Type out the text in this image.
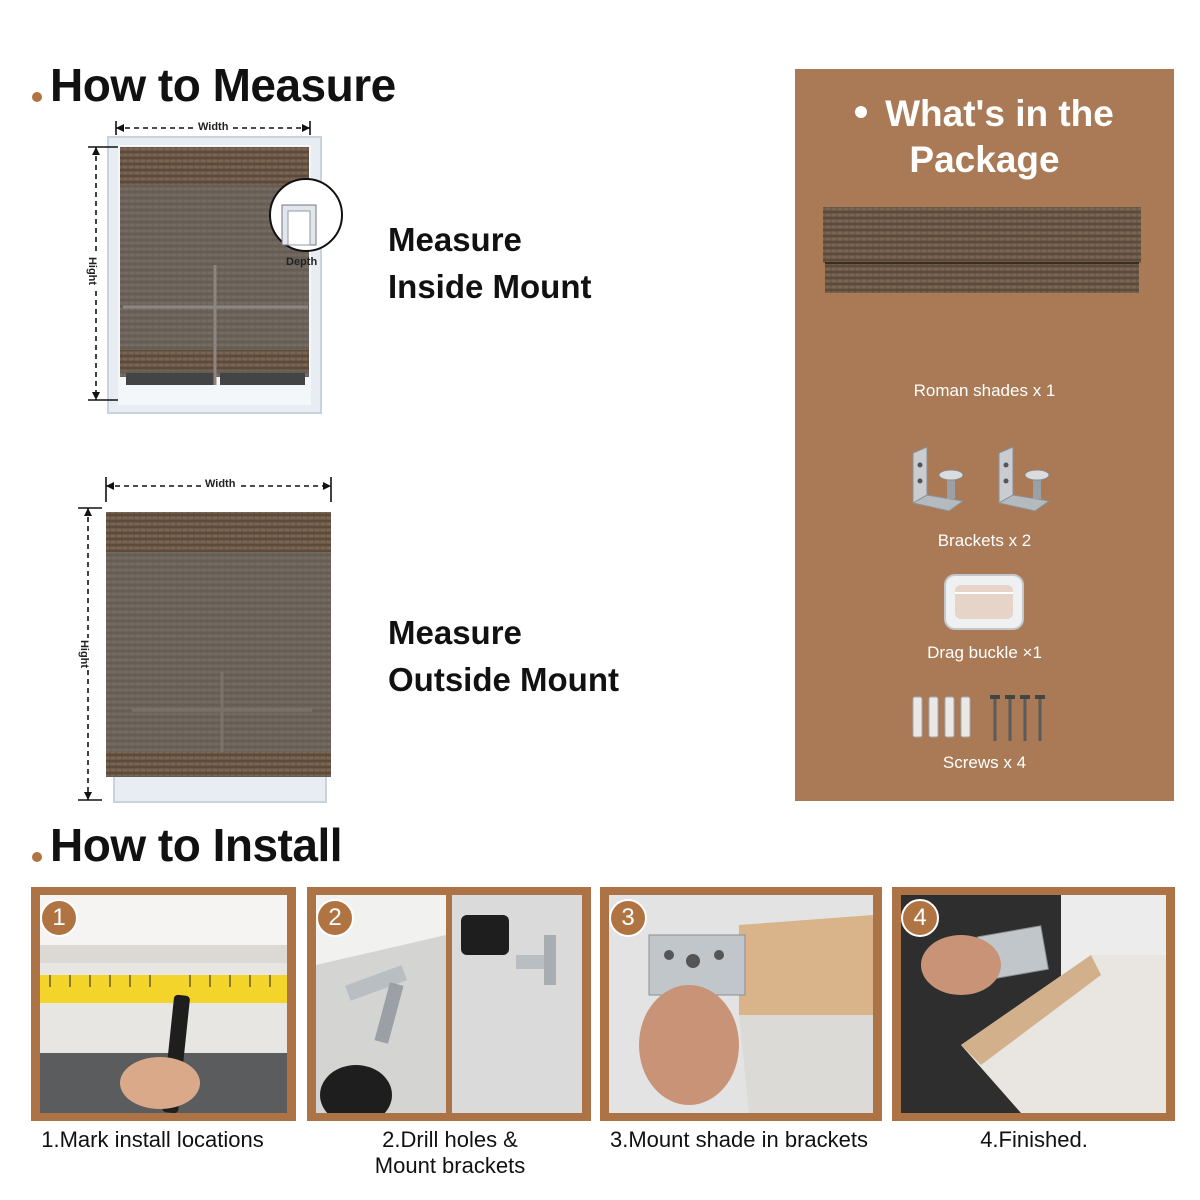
How to Measure
Width
Hight	Depth
Measure
Inside Mount
Width
Hight
Measure
Outside Mount
What's in the
Package
Roman shades x 1
Brackets x 2
Drag buckle ×1
Screws x 4
How to Install
1
1.Mark install locations
2
2.Drill holes &
Mount brackets
3
3.Mount shade in brackets
4
4.Finished.
